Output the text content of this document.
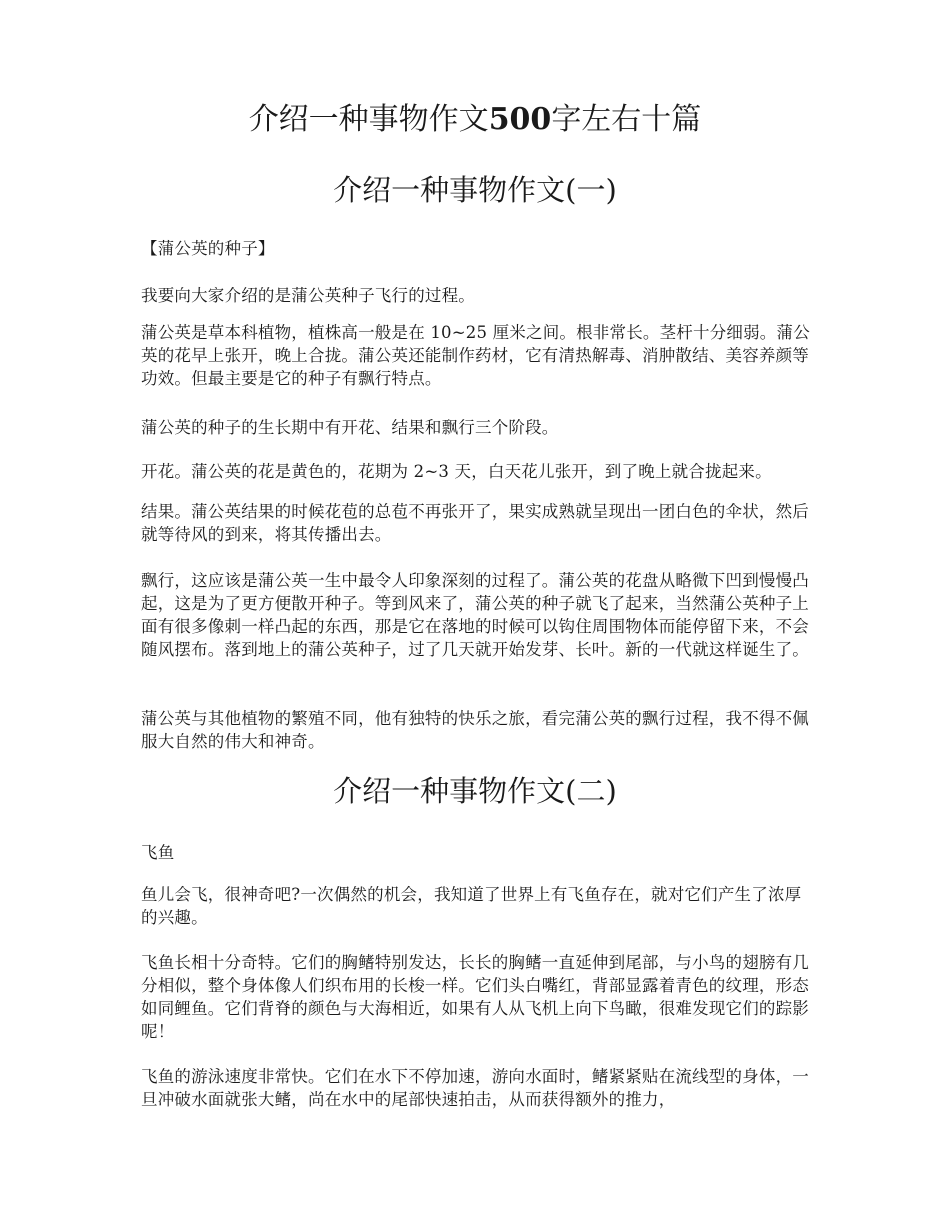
介绍一种事物作文500字左右十篇
介绍一种事物作文(一)

【蒲公英的种子】

我要向大家介绍的是蒲公英种子飞行的过程。

蒲公英是草本科植物，植株高一般是在 10~25 厘米之间。根非常长。茎杆十分细弱。蒲公英的花早上张开，晚上合拢。蒲公英还能制作药材，它有清热解毒、消肿散结、美容养颜等功效。但最主要是它的种子有飘行特点。

蒲公英的种子的生长期中有开花、结果和飘行三个阶段。

开花。蒲公英的花是黄色的，花期为 2~3 天，白天花儿张开，到了晚上就合拢起来。

结果。蒲公英结果的时候花苞的总苞不再张开了，果实成熟就呈现出一团白色的伞状，然后就等待风的到来，将其传播出去。

飘行，这应该是蒲公英一生中最令人印象深刻的过程了。蒲公英的花盘从略微下凹到慢慢凸起，这是为了更方便散开种子。等到风来了，蒲公英的种子就飞了起来，当然蒲公英种子上面有很多像刺一样凸起的东西，那是它在落地的时候可以钩住周围物体而能停留下来，不会随风摆布。落到地上的蒲公英种子，过了几天就开始发芽、长叶。新的一代就这样诞生了。

蒲公英与其他植物的繁殖不同，他有独特的快乐之旅，看完蒲公英的飘行过程，我不得不佩服大自然的伟大和神奇。

介绍一种事物作文(二)

飞鱼

鱼儿会飞，很神奇吧?一次偶然的机会，我知道了世界上有飞鱼存在，就对它们产生了浓厚的兴趣。

飞鱼长相十分奇特。它们的胸鳍特别发达，长长的胸鳍一直延伸到尾部，与小鸟的翅膀有几分相似，整个身体像人们织布用的长梭一样。它们头白嘴红，背部显露着青色的纹理，形态如同鲤鱼。它们背脊的颜色与大海相近，如果有人从飞机上向下鸟瞰，很难发现它们的踪影呢！

飞鱼的游泳速度非常快。它们在水下不停加速，游向水面时，鳍紧紧贴在流线型的身体，一旦冲破水面就张大鳍，尚在水中的尾部快速拍击，从而获得额外的推力，
